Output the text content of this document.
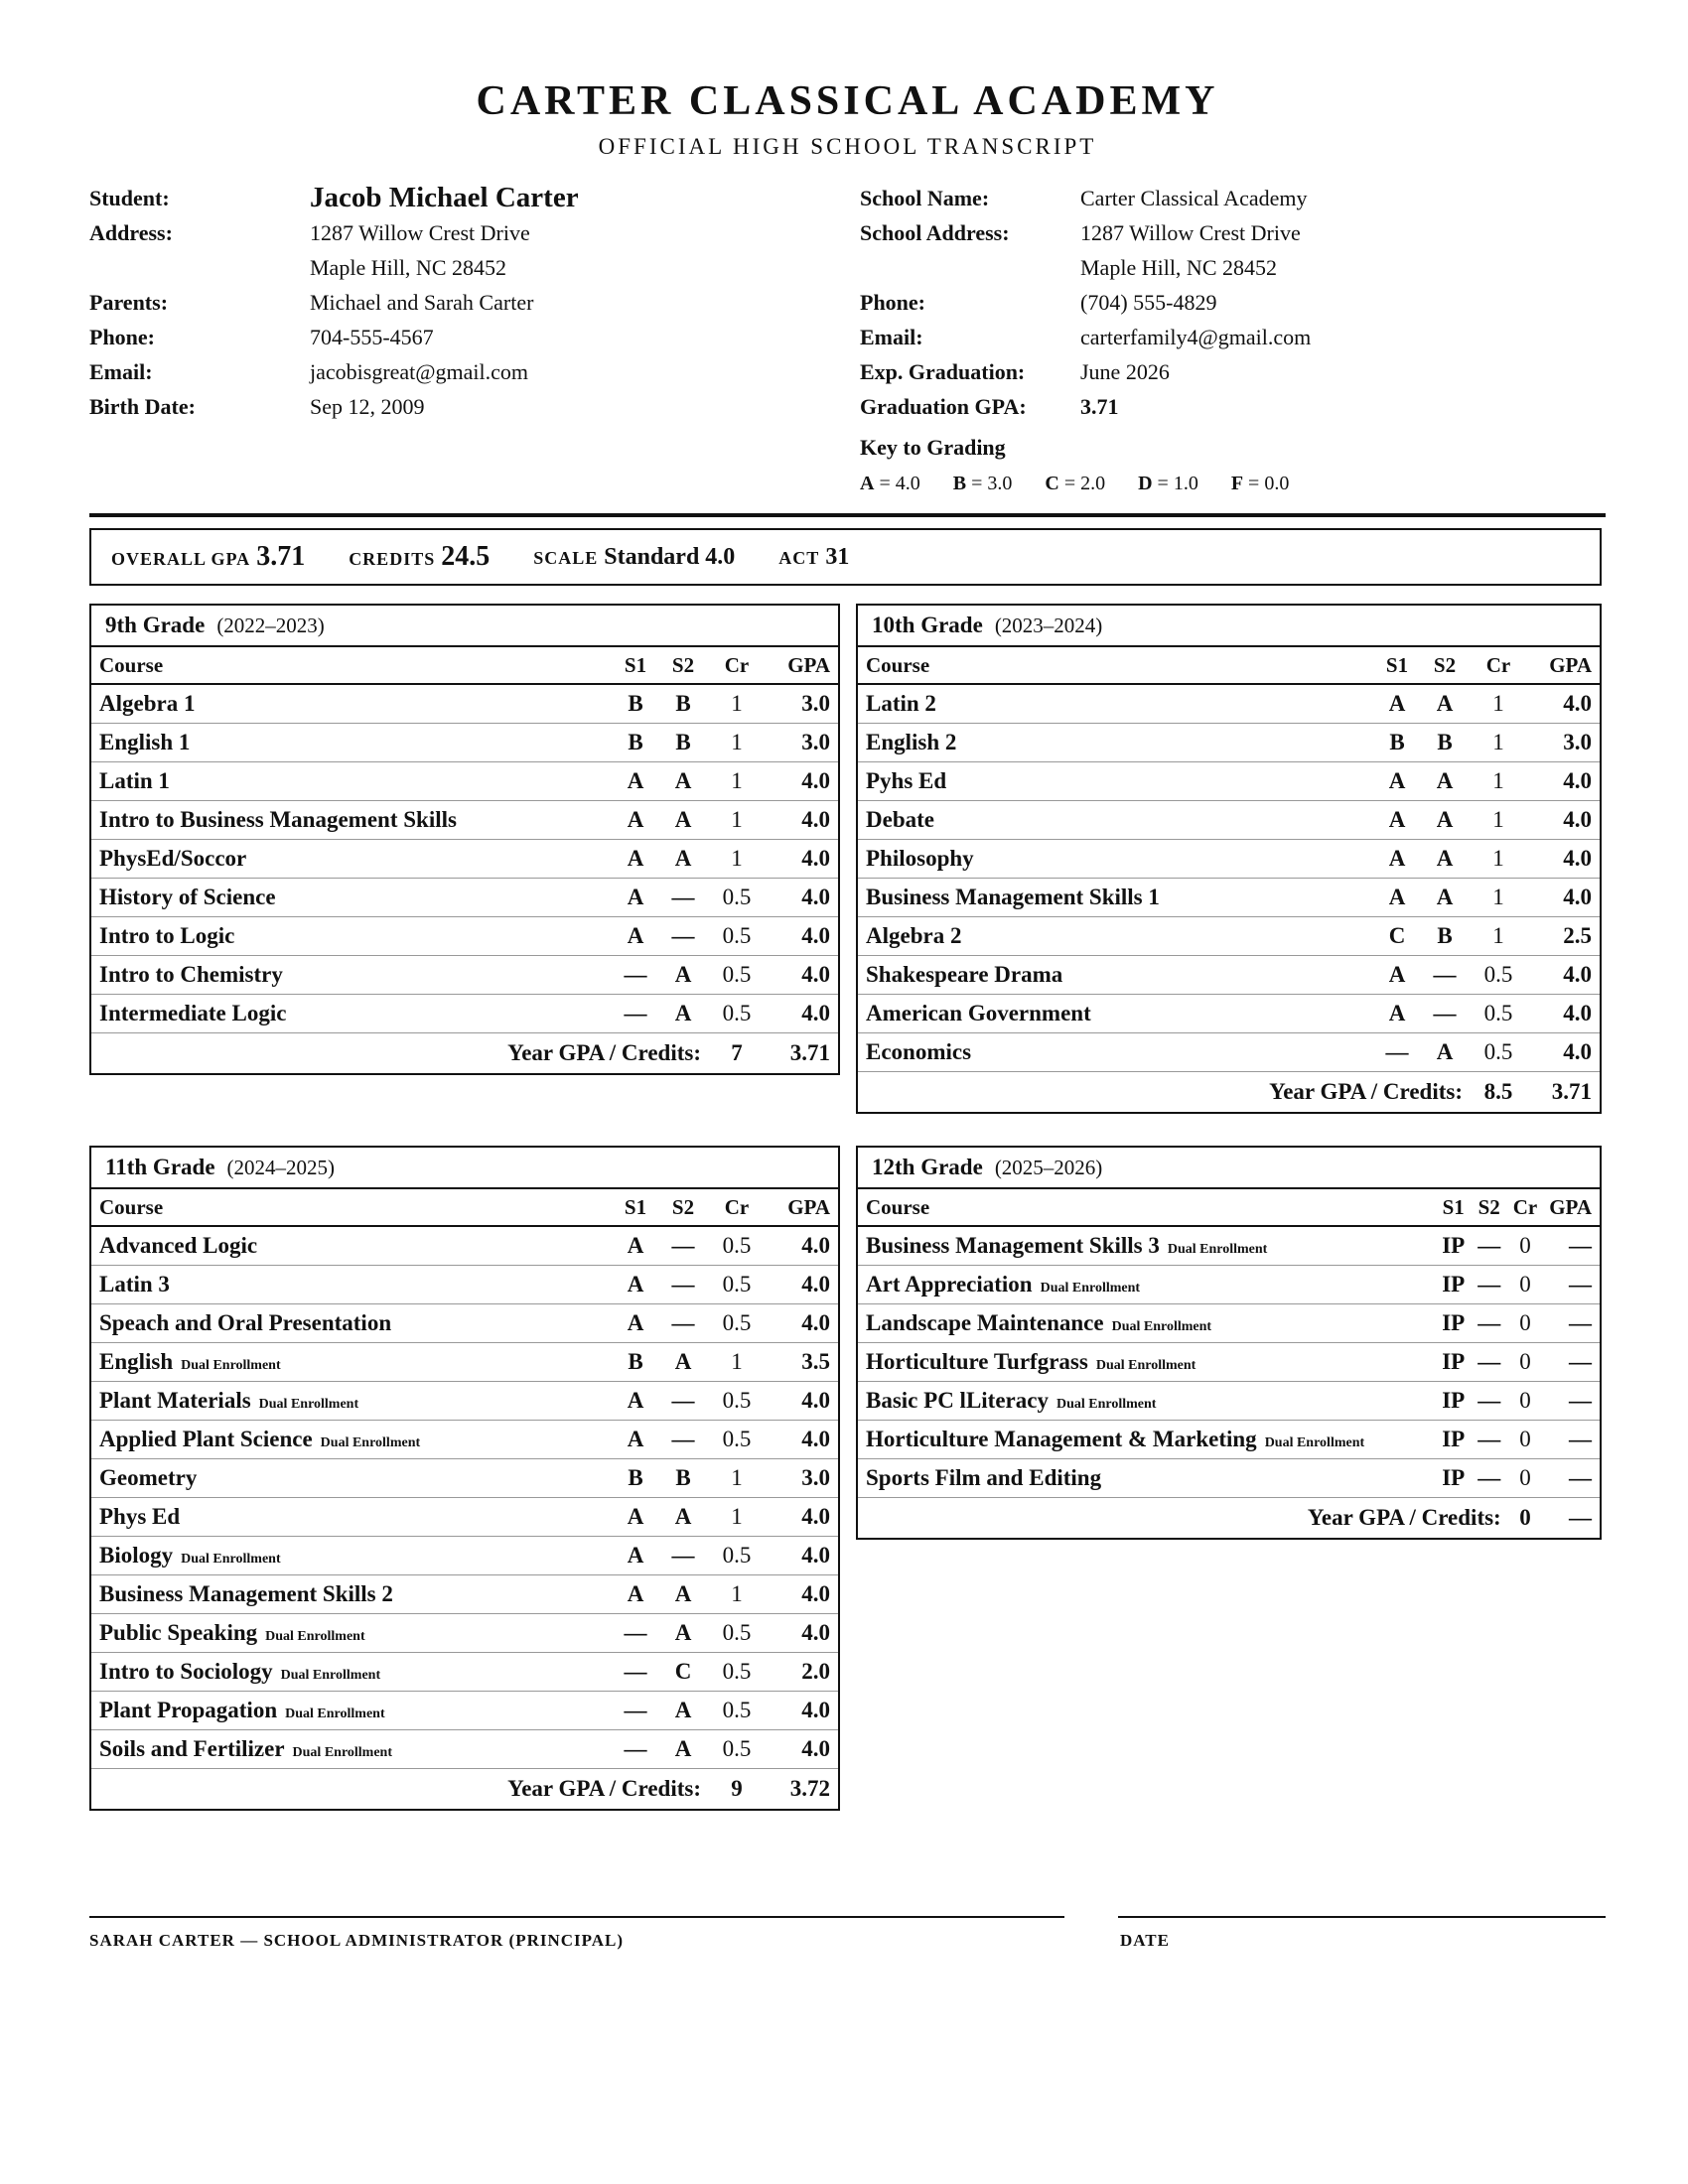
CARTER CLASSICAL ACADEMY
OFFICIAL HIGH SCHOOL TRANSCRIPT
Student:	Jacob Michael Carter
Address:	1287 Willow Crest Drive
Maple Hill, NC 28452
Parents:	Michael and Sarah Carter
Phone:	704-555-4567
Email:	jacobisgreat@gmail.com
Birth Date:	Sep 12, 2009
School Name:	Carter Classical Academy
School Address:	1287 Willow Crest Drive
Maple Hill, NC 28452
Phone:	(704) 555-4829
Email:	carterfamily4@gmail.com
Exp. Graduation:	June 2026
Graduation GPA:	3.71
Key to Grading
A = 4.0 B = 3.0 C = 2.0 D = 1.0 F = 0.0
OVERALL GPA 3.71 CREDITS 24.5 SCALE Standard 4.0 ACT 31
9th Grade (2022–2023)
Course	S1	S2	Cr	GPA
Algebra 1	B	B	1	3.0
English 1	B	B	1	3.0
Latin 1	A	A	1	4.0
Intro to Business Management Skills	A	A	1	4.0
PhysEd/Soccor	A	A	1	4.0
History of Science	A	—	0.5	4.0
Intro to Logic	A	—	0.5	4.0
Intro to Chemistry	—	A	0.5	4.0
Intermediate Logic	—	A	0.5	4.0
Year GPA / Credits:			7	3.71
10th Grade (2023–2024)
Course	S1	S2	Cr	GPA
Latin 2	A	A	1	4.0
English 2	B	B	1	3.0
Pyhs Ed	A	A	1	4.0
Debate	A	A	1	4.0
Philosophy	A	A	1	4.0
Business Management Skills 1	A	A	1	4.0
Algebra 2	C	B	1	2.5
Shakespeare Drama	A	—	0.5	4.0
American Government	A	—	0.5	4.0
Economics	—	A	0.5	4.0
Year GPA / Credits:			8.5	3.71
11th Grade (2024–2025)
Course	S1	S2	Cr	GPA
Advanced Logic	A	—	0.5	4.0
Latin 3	A	—	0.5	4.0
Speach and Oral Presentation	A	—	0.5	4.0
English Dual Enrollment	B	A	1	3.5
Plant Materials Dual Enrollment	A	—	0.5	4.0
Applied Plant Science Dual Enrollment	A	—	0.5	4.0
Geometry	B	B	1	3.0
Phys Ed	A	A	1	4.0
Biology Dual Enrollment	A	—	0.5	4.0
Business Management Skills 2	A	A	1	4.0
Public Speaking Dual Enrollment	—	A	0.5	4.0
Intro to Sociology Dual Enrollment	—	C	0.5	2.0
Plant Propagation Dual Enrollment	—	A	0.5	4.0
Soils and Fertilizer Dual Enrollment	—	A	0.5	4.0
Year GPA / Credits:			9	3.72
12th Grade (2025–2026)
Course	S1	S2	Cr	GPA
Business Management Skills 3 Dual Enrollment	IP	—	0	—
Art Appreciation Dual Enrollment	IP	—	0	—
Landscape Maintenance Dual Enrollment	IP	—	0	—
Horticulture Turfgrass Dual Enrollment	IP	—	0	—
Basic PC lLiteracy Dual Enrollment	IP	—	0	—
Horticulture Management & Marketing Dual Enrollment	IP	—	0	—
Sports Film and Editing	IP	—	0	—
Year GPA / Credits:			0	—
SARAH CARTER — SCHOOL ADMINISTRATOR (PRINCIPAL)	DATE
